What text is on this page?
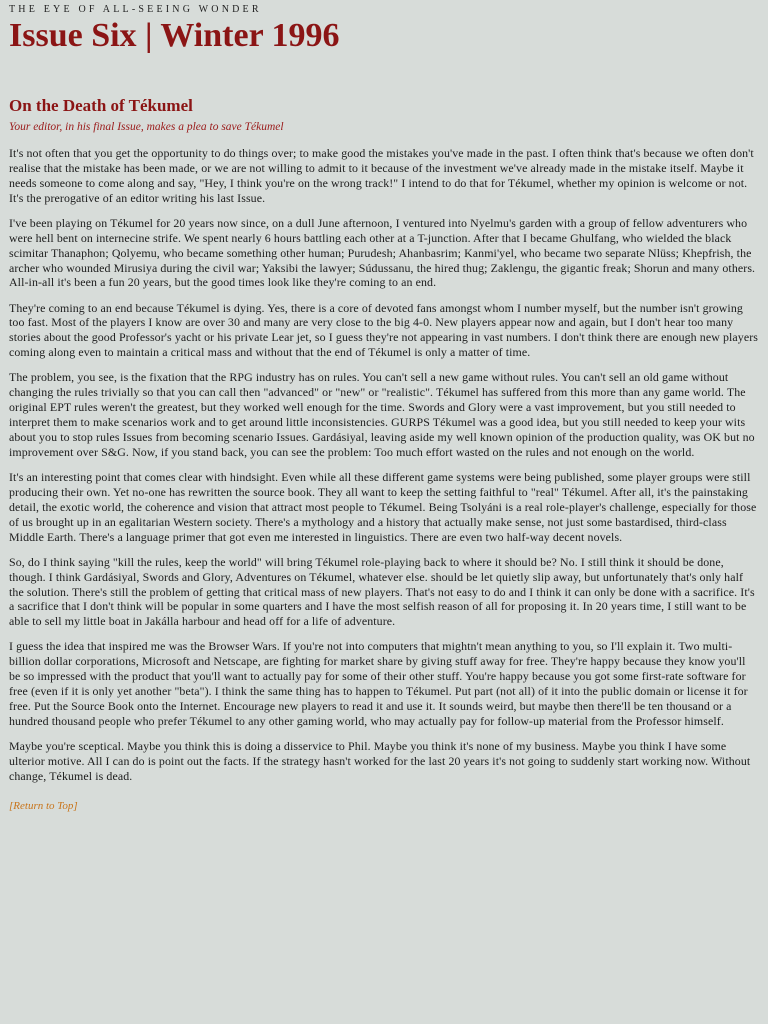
THE EYE OF ALL-SEEING WONDER
Issue Six | Winter 1996
On the Death of Tékumel
Your editor, in his final Issue, makes a plea to save Tékumel

It's not often that you get the opportunity to do things over; to make good the mistakes you've made in the past. I often think that's because we often don't realise that the mistake has been made, or we are not willing to admit to it because of the investment we've already made in the mistake itself. Maybe it needs someone to come along and say, "Hey, I think you're on the wrong track!" I intend to do that for Tékumel, whether my opinion is welcome or not. It's the prerogative of an editor writing his last Issue.

I've been playing on Tékumel for 20 years now since, on a dull June afternoon, I ventured into Nyelmu's garden with a group of fellow adventurers who were hell bent on internecine strife. We spent nearly 6 hours battling each other at a T-junction. After that I became Ghulfang, who wielded the black scimitar Thanaphon; Qolyemu, who became something other human; Purudesh; Ahanbasrim; Kanmi'yel, who became two separate Nlüss; Khepfrish, the archer who wounded Mirusiya during the civil war; Yaksibi the lawyer; Súdussanu, the hired thug; Zaklengu, the gigantic freak; Shorun and many others. All-in-all it's been a fun 20 years, but the good times look like they're coming to an end.

They're coming to an end because Tékumel is dying. Yes, there is a core of devoted fans amongst whom I number myself, but the number isn't growing too fast. Most of the players I know are over 30 and many are very close to the big 4-0. New players appear now and again, but I don't hear too many stories about the good Professor's yacht or his private Lear jet, so I guess they're not appearing in vast numbers. I don't think there are enough new players coming along even to maintain a critical mass and without that the end of Tékumel is only a matter of time.

The problem, you see, is the fixation that the RPG industry has on rules. You can't sell a new game without rules. You can't sell an old game without changing the rules trivially so that you can call then "advanced" or "new" or "realistic". Tékumel has suffered from this more than any game world. The original EPT rules weren't the greatest, but they worked well enough for the time. Swords and Glory were a vast improvement, but you still needed to interpret them to make scenarios work and to get around little inconsistencies. GURPS Tékumel was a good idea, but you still needed to keep your wits about you to stop rules Issues from becoming scenario Issues. Gardásiyal, leaving aside my well known opinion of the production quality, was OK but no improvement over S&G. Now, if you stand back, you can see the problem: Too much effort wasted on the rules and not enough on the world.

It's an interesting point that comes clear with hindsight. Even while all these different game systems were being published, some player groups were still producing their own. Yet no-one has rewritten the source book. They all want to keep the setting faithful to "real" Tékumel. After all, it's the painstaking detail, the exotic world, the coherence and vision that attract most people to Tékumel. Being Tsolyáni is a real role-player's challenge, especially for those of us brought up in an egalitarian Western society. There's a mythology and a history that actually make sense, not just some bastardised, third-class Middle Earth. There's a language primer that got even me interested in linguistics. There are even two half-way decent novels.

So, do I think saying "kill the rules, keep the world" will bring Tékumel role-playing back to where it should be? No. I still think it should be done, though. I think Gardásiyal, Swords and Glory, Adventures on Tékumel, whatever else. should be let quietly slip away, but unfortunately that's only half the solution. There's still the problem of getting that critical mass of new players. That's not easy to do and I think it can only be done with a sacrifice. It's a sacrifice that I don't think will be popular in some quarters and I have the most selfish reason of all for proposing it. In 20 years time, I still want to be able to sell my little boat in Jakálla harbour and head off for a life of adventure.

I guess the idea that inspired me was the Browser Wars. If you're not into computers that mightn't mean anything to you, so I'll explain it. Two multi-billion dollar corporations, Microsoft and Netscape, are fighting for market share by giving stuff away for free. They're happy because they know you'll be so impressed with the product that you'll want to actually pay for some of their other stuff. You're happy because you got some first-rate software for free (even if it is only yet another "beta"). I think the same thing has to happen to Tékumel. Put part (not all) of it into the public domain or license it for free. Put the Source Book onto the Internet. Encourage new players to read it and use it. It sounds weird, but maybe then there'll be ten thousand or a hundred thousand people who prefer Tékumel to any other gaming world, who may actually pay for follow-up material from the Professor himself.

Maybe you're sceptical. Maybe you think this is doing a disservice to Phil. Maybe you think it's none of my business. Maybe you think I have some ulterior motive. All I can do is point out the facts. If the strategy hasn't worked for the last 20 years it's not going to suddenly start working now. Without change, Tékumel is dead.

[Return to Top]
